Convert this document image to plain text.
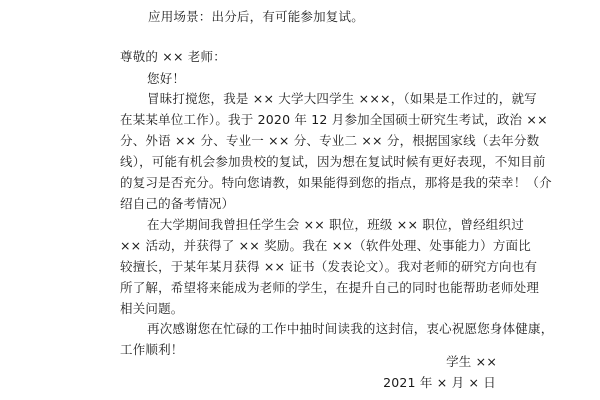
应用场景：出分后，有可能参加复试。
尊敬的 ×× 老师：
您好！
冒昧打搅您，我是 ×× 大学大四学生 ×××，（如果是工作过的，就写
在某某单位工作）。我于 2020 年 12 月参加全国硕士研究生考试，政治 ××
分、外语 ×× 分、专业一 ×× 分、专业二 ×× 分，根据国家线（去年分数
线），可能有机会参加贵校的复试，因为想在复试时候有更好表现，不知目前
的复习是否充分。特向您请教，如果能得到您的指点，那将是我的荣幸！（介
绍自己的备考情况）
在大学期间我曾担任学生会 ×× 职位，班级 ×× 职位，曾经组织过
×× 活动，并获得了 ×× 奖励。我在 ××（软件处理、处事能力）方面比
较擅长，于某年某月获得 ×× 证书（发表论文）。我对老师的研究方向也有
所了解，希望将来能成为老师的学生，在提升自己的同时也能帮助老师处理
相关问题。
再次感谢您在忙碌的工作中抽时间读我的这封信，衷心祝愿您身体健康，
工作顺利！
学生 ××
2021 年 × 月 × 日
